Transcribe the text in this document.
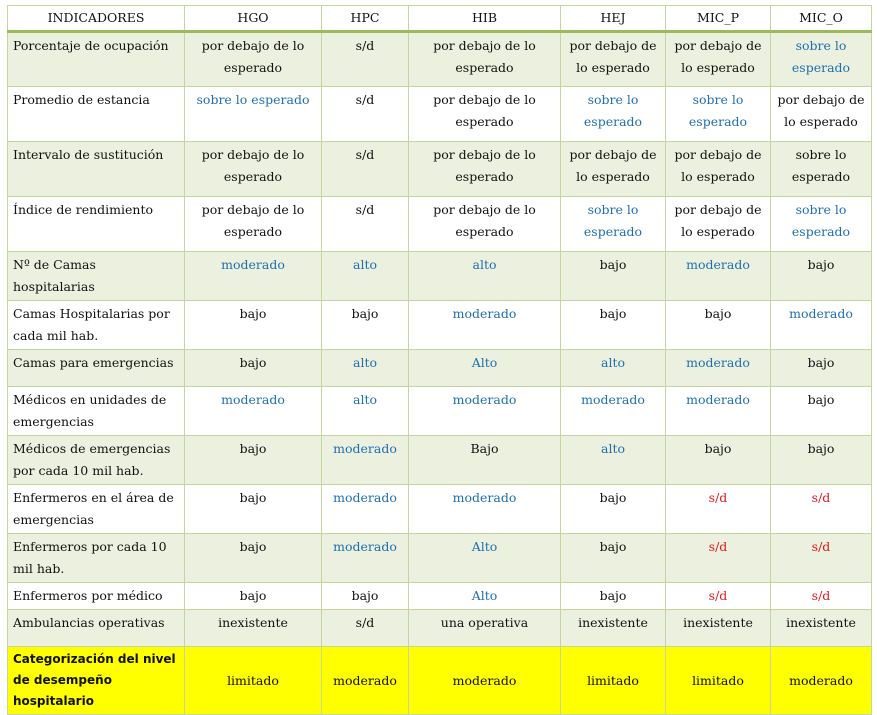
INDICADORES	HGO	HPC	HIB	HEJ	MIC_P	MIC_O
Porcentaje de ocupación	por debajo de lo esperado	s/d	por debajo de lo esperado	por debajo de lo esperado	por debajo de lo esperado	sobre lo esperado
Promedio de estancia	sobre lo esperado	s/d	por debajo de lo esperado	sobre lo esperado	sobre lo esperado	por debajo de lo esperado
Intervalo de sustitución	por debajo de lo esperado	s/d	por debajo de lo esperado	por debajo de lo esperado	por debajo de lo esperado	sobre lo esperado
Índice de rendimiento	por debajo de lo esperado	s/d	por debajo de lo esperado	sobre lo esperado	por debajo de lo esperado	sobre lo esperado
Nº de Camas hospitalarias	moderado	alto	alto	bajo	moderado	bajo
Camas Hospitalarias por cada mil hab.	bajo	bajo	moderado	bajo	bajo	moderado
Camas para emergencias	bajo	alto	Alto	alto	moderado	bajo
Médicos en unidades de emergencias	moderado	alto	moderado	moderado	moderado	bajo
Médicos de emergencias por cada 10 mil hab.	bajo	moderado	Bajo	alto	bajo	bajo
Enfermeros en el área de emergencias	bajo	moderado	moderado	bajo	s/d	s/d
Enfermeros por cada 10 mil hab.	bajo	moderado	Alto	bajo	s/d	s/d
Enfermeros por médico	bajo	bajo	Alto	bajo	s/d	s/d
Ambulancias operativas	inexistente	s/d	una operativa	inexistente	inexistente	inexistente
Categorización del nivel de desempeño hospitalario	limitado	moderado	moderado	limitado	limitado	moderado
